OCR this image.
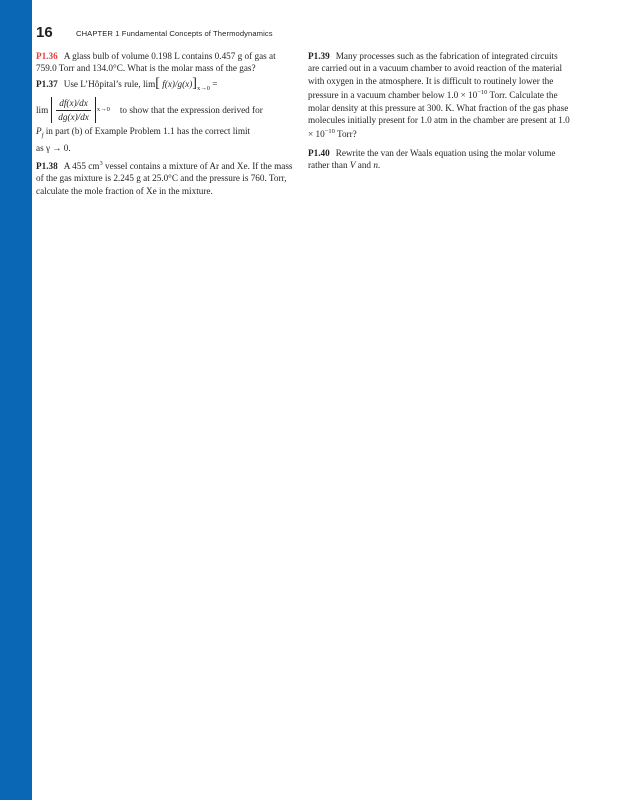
16	CHAPTER 1 Fundamental Concepts of Thermodynamics

P1.36 A glass bulb of volume 0.198 L contains 0.457 g of gas at 759.0 Torr and 134.0°C. What is the molar mass of the gas?

P1.37 Use L’Hôpital’s rule, lim[ $f(x)/g(x)]_{x\to 0}$ =
$\lim \frac{df(x)/dx}{dg(x)/dx} x\to 0$ to show that the expression derived for
$P_f$ in part (b) of Example Problem 1.1 has the correct limit
as γ → 0.

P1.38 A 455 $cm^3$ vessel contains a mixture of Ar and Xe. If the mass of the gas mixture is 2.245 g at 25.0°C and the pressure is 760. Torr, calculate the mole fraction of Xe in the mixture.

P1.39 Many processes such as the fabrication of integrated circuits are carried out in a vacuum chamber to avoid reaction of the material with oxygen in the atmosphere. It is difficult to routinely lower the pressure in a vacuum chamber below $1.0 \times 10^{-10}$ Torr. Calculate the molar density at this pressure at 300. K. What fraction of the gas phase molecules initially present for 1.0 atm in the chamber are present at $1.0 \times 10^{-10}$ Torr?

P1.40 Rewrite the van der Waals equation using the molar volume rather than V and n.
